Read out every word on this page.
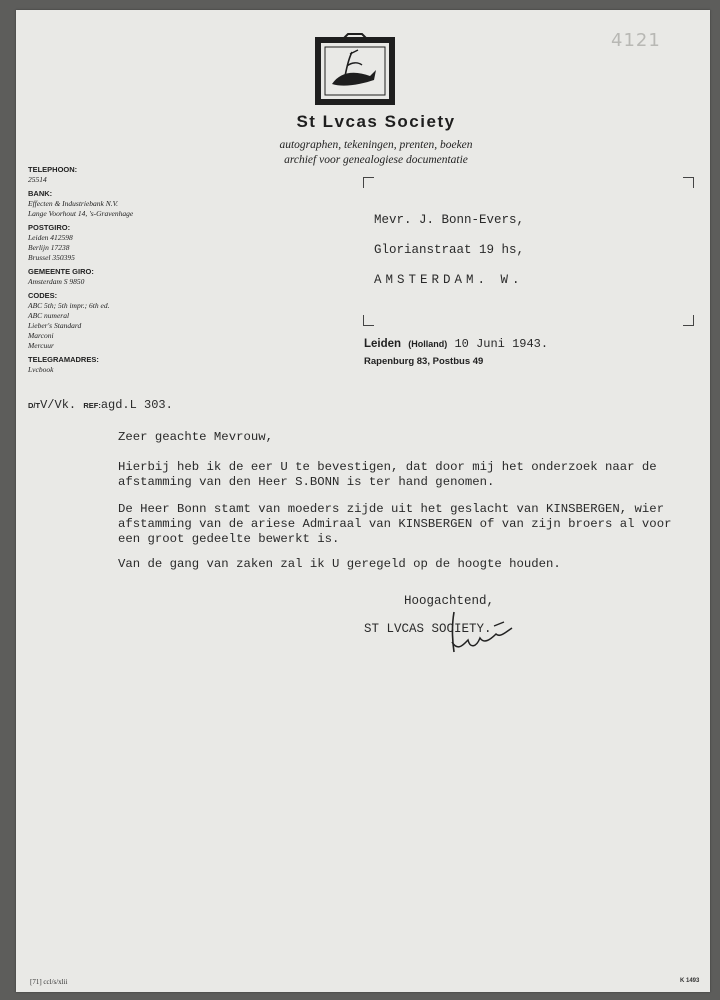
4121
St Lvcas Society
autographen, tekeningen, prenten, boeken
archief voor genealogiese documentatie
TELEPHOON:
25514
BANK:
Effecten & Industriebank N.V.
Lange Voorhout 14, 's-Gravenhage
POSTGIRO:
Leiden 412598
Berlijn 17238
Brussel 350395
GEMEENTE GIRO:
Amsterdam S 9850
CODES:
ABC 5th; 5th impr.; 6th ed.
ABC numeral
Lieber's Standard
Marconi
Mercuur
TELEGRAMADRES:
Lvcbook
Mevr. J. Bonn-Evers,
Glorianstraat 19 hs,
AMSTERDAM. W.
Leiden (Holland) 10 Juni 1943.
Rapenburg 83, Postbus 49
D/TV/Vk. REF:agd.L 303.
Zeer geachte Mevrouw,
Hierbij heb ik de eer U te bevestigen, dat door mij het onderzoek naar de afstamming van den Heer S.BONN is ter hand genomen.
De Heer Bonn stamt van moeders zijde uit het geslacht van KINSBERGEN, wier afstamming van de ariese Admiraal van KINSBERGEN of van zijn broers al voor een groot gedeelte bewerkt is.
Van de gang van zaken zal ik U geregeld op de hoogte houden.
Hoogachtend,
ST LVCAS SOCIETY.
[71] ccl/s/xlii	K 1493
